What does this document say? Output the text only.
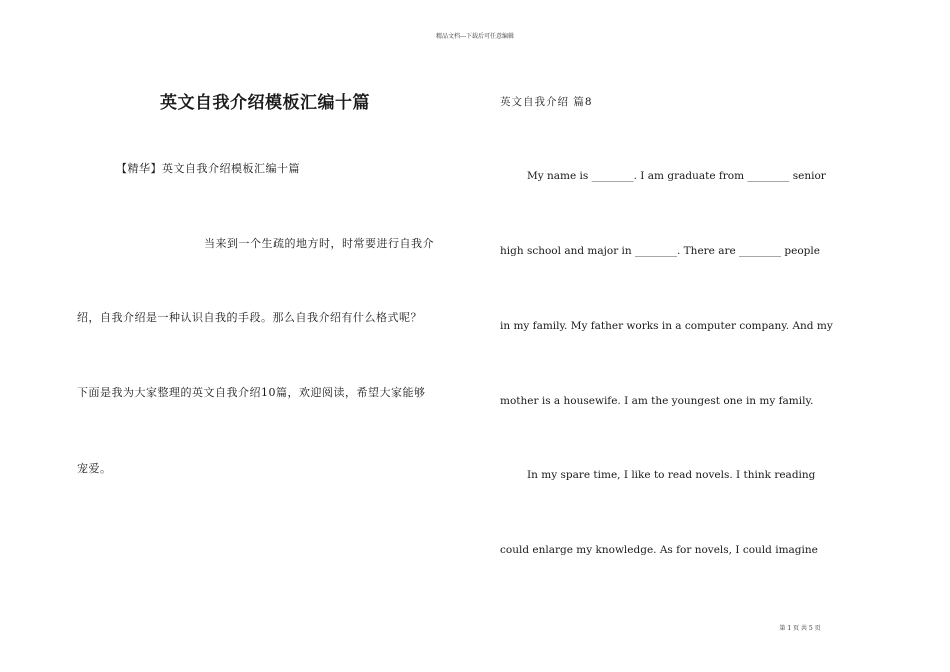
精品文档---下载后可任意编辑
英文自我介绍模板汇编十篇
【精华】英文自我介绍模板汇编十篇
当来到一个生疏的地方时，时常要进行自我介
绍，自我介绍是一种认识自我的手段。那么自我介绍有什么格式呢？
下面是我为大家整理的英文自我介绍10篇，欢迎阅读，希望大家能够
宠爱。
英文自我介绍 篇8
My name is ________. I am graduate from ________ senior
high school and major in ________. There are ________ people
in my family. My father works in a computer company. And my
mother is a housewife. I am the youngest one in my family.
In my spare time, I like to read novels. I think reading
could enlarge my knowledge. As for novels, I could imagine
第 1 页 共 5 页
